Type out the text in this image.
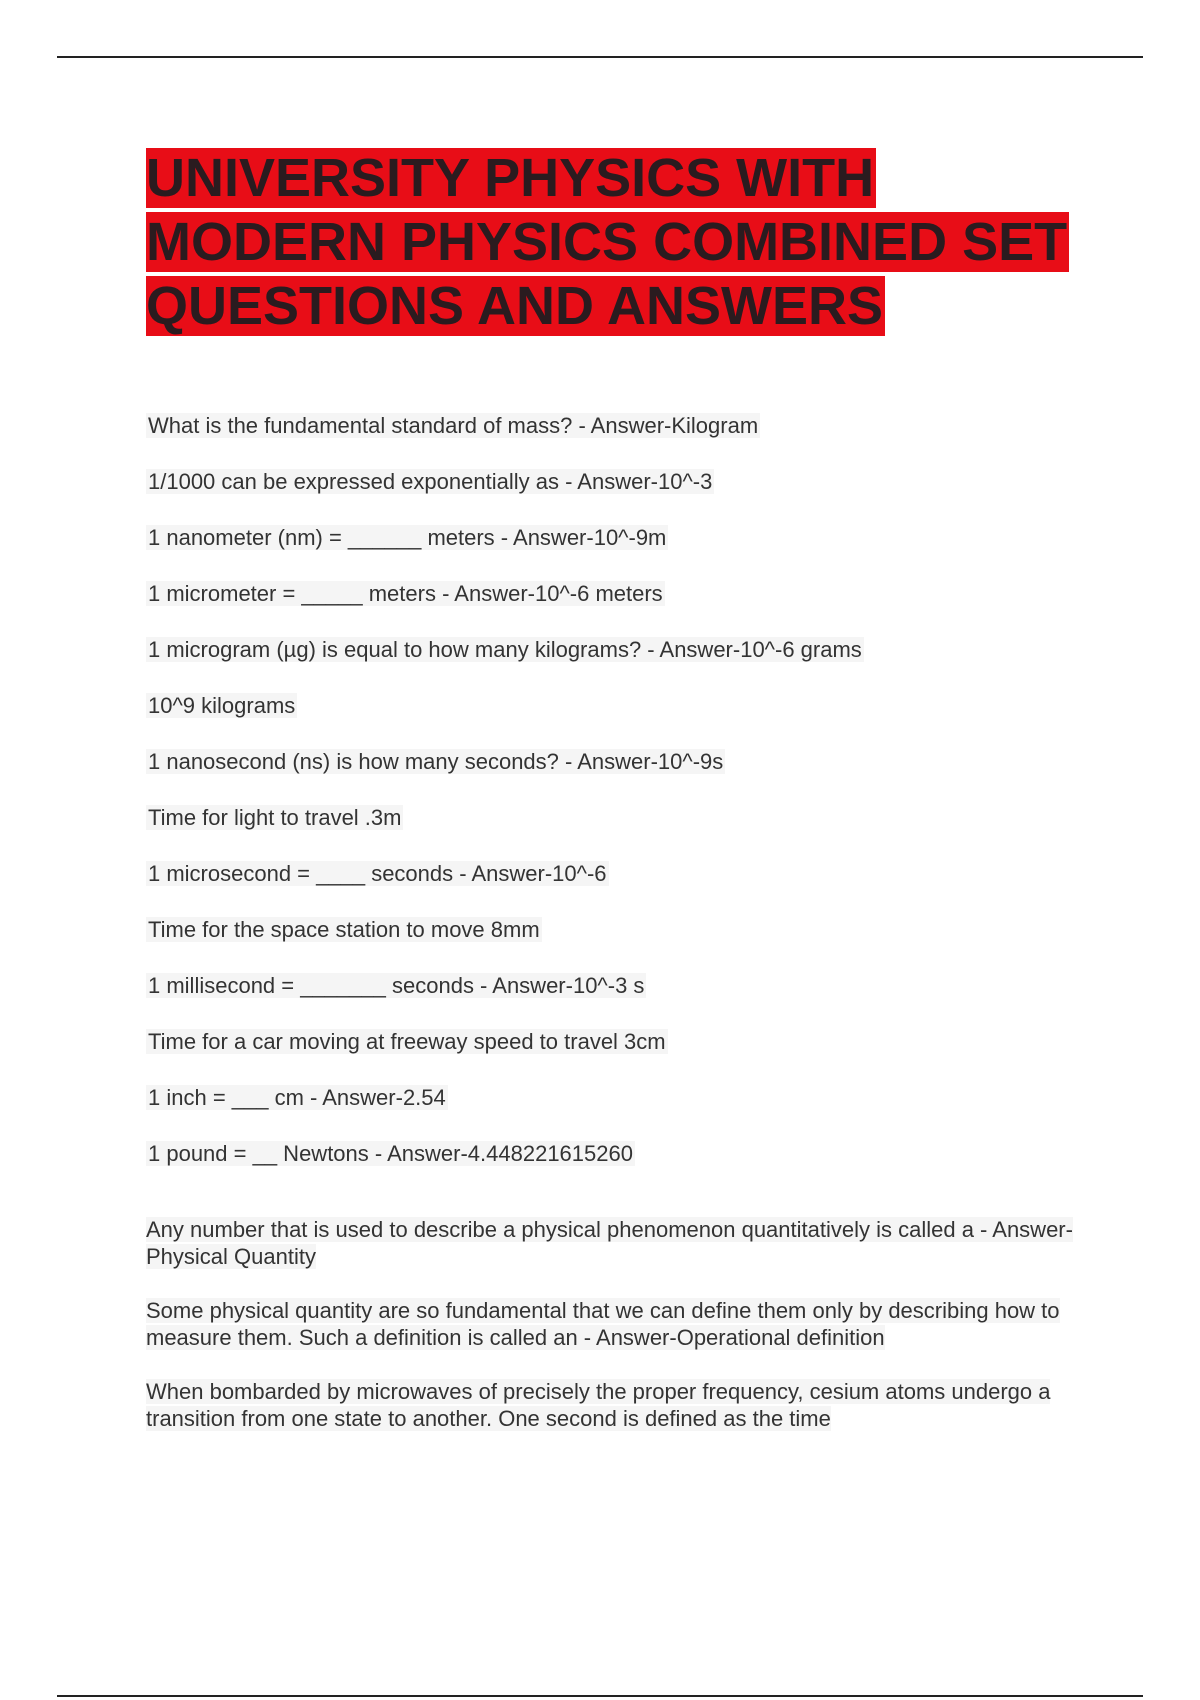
UNIVERSITY PHYSICS WITH MODERN PHYSICS COMBINED SET QUESTIONS AND ANSWERS
What is the fundamental standard of mass? - Answer-Kilogram
1/1000 can be expressed exponentially as - Answer-10^-3
1 nanometer (nm) = ______ meters - Answer-10^-9m
1 micrometer = _____ meters - Answer-10^-6 meters
1 microgram (µg) is equal to how many kilograms? - Answer-10^-6 grams
10^9 kilograms
1 nanosecond (ns) is how many seconds? - Answer-10^-9s
Time for light to travel .3m
1 microsecond = ____ seconds - Answer-10^-6
Time for the space station to move 8mm
1 millisecond = _______ seconds - Answer-10^-3 s
Time for a car moving at freeway speed to travel 3cm
1 inch = ___ cm - Answer-2.54
1 pound = __ Newtons - Answer-4.448221615260

Any number that is used to describe a physical phenomenon quantitatively is called a - Answer-Physical Quantity

Some physical quantity are so fundamental that we can define them only by describing how to measure them. Such a definition is called an - Answer-Operational definition

When bombarded by microwaves of precisely the proper frequency, cesium atoms undergo a transition from one state to another. One second is defined as the time
